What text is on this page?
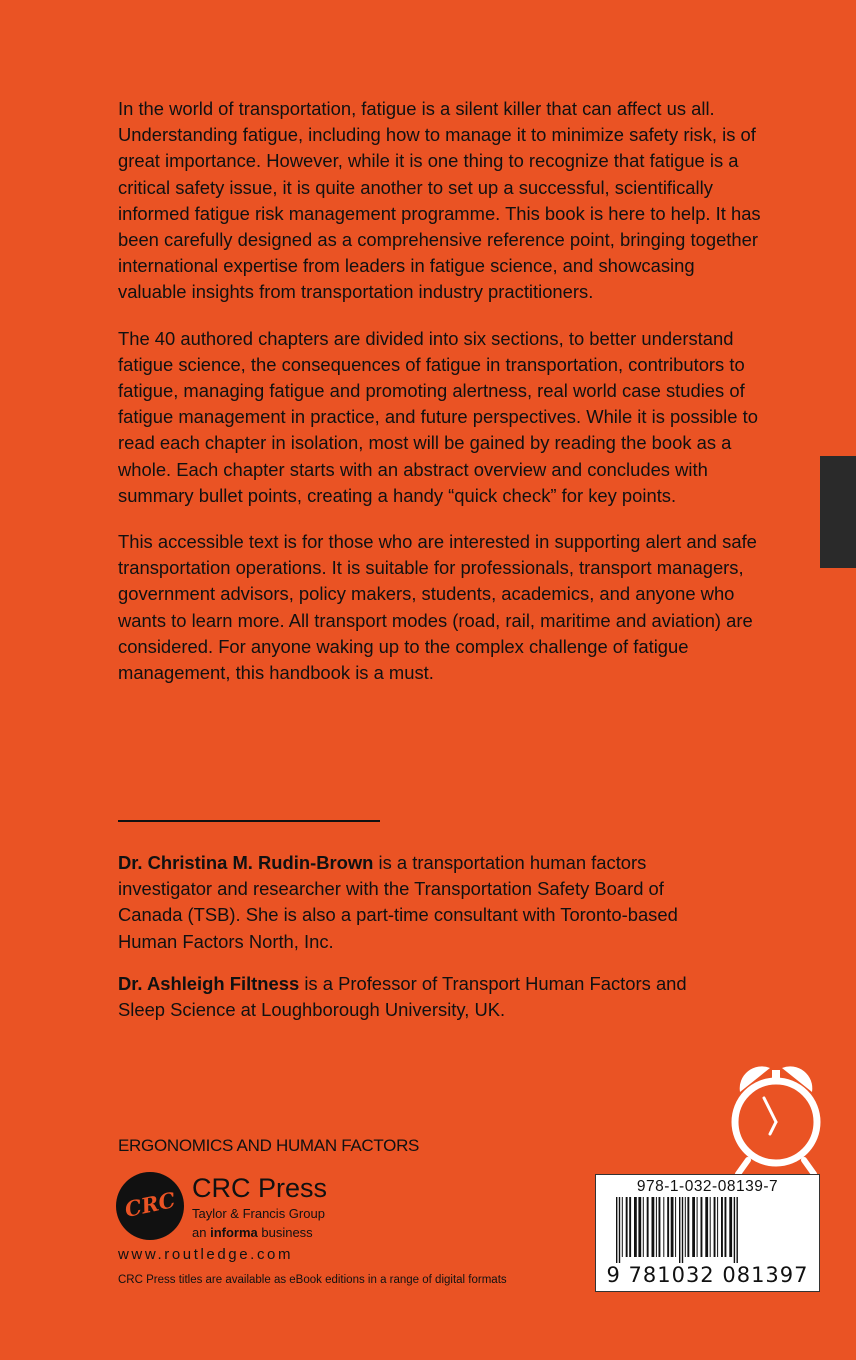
In the world of transportation, fatigue is a silent killer that can affect us all. Understanding fatigue, including how to manage it to minimize safety risk, is of great importance. However, while it is one thing to recognize that fatigue is a critical safety issue, it is quite another to set up a successful, scientifically informed fatigue risk management programme. This book is here to help. It has been carefully designed as a comprehensive reference point, bringing together international expertise from leaders in fatigue science, and showcasing valuable insights from transportation industry practitioners.

The 40 authored chapters are divided into six sections, to better understand fatigue science, the consequences of fatigue in transportation, contributors to fatigue, managing fatigue and promoting alertness, real world case studies of fatigue management in practice, and future perspectives. While it is possible to read each chapter in isolation, most will be gained by reading the book as a whole. Each chapter starts with an abstract overview and concludes with summary bullet points, creating a handy “quick check” for key points.

This accessible text is for those who are interested in supporting alert and safe transportation operations. It is suitable for professionals, transport managers, government advisors, policy makers, students, academics, and anyone who wants to learn more. All transport modes (road, rail, maritime and aviation) are considered. For anyone waking up to the complex challenge of fatigue management, this handbook is a must.

Dr. Christina M. Rudin-Brown is a transportation human factors investigator and researcher with the Transportation Safety Board of Canada (TSB). She is also a part-time consultant with Toronto-based Human Factors North, Inc.

Dr. Ashleigh Filtness is a Professor of Transport Human Factors and Sleep Science at Loughborough University, UK.

ERGONOMICS AND HUMAN FACTORS
CRC CRC Press
Taylor & Francis Group
an informa business
www.routledge.com
CRC Press titles are available as eBook editions in a range of digital formats
978-1-032-08139-7
9 781032 081397
